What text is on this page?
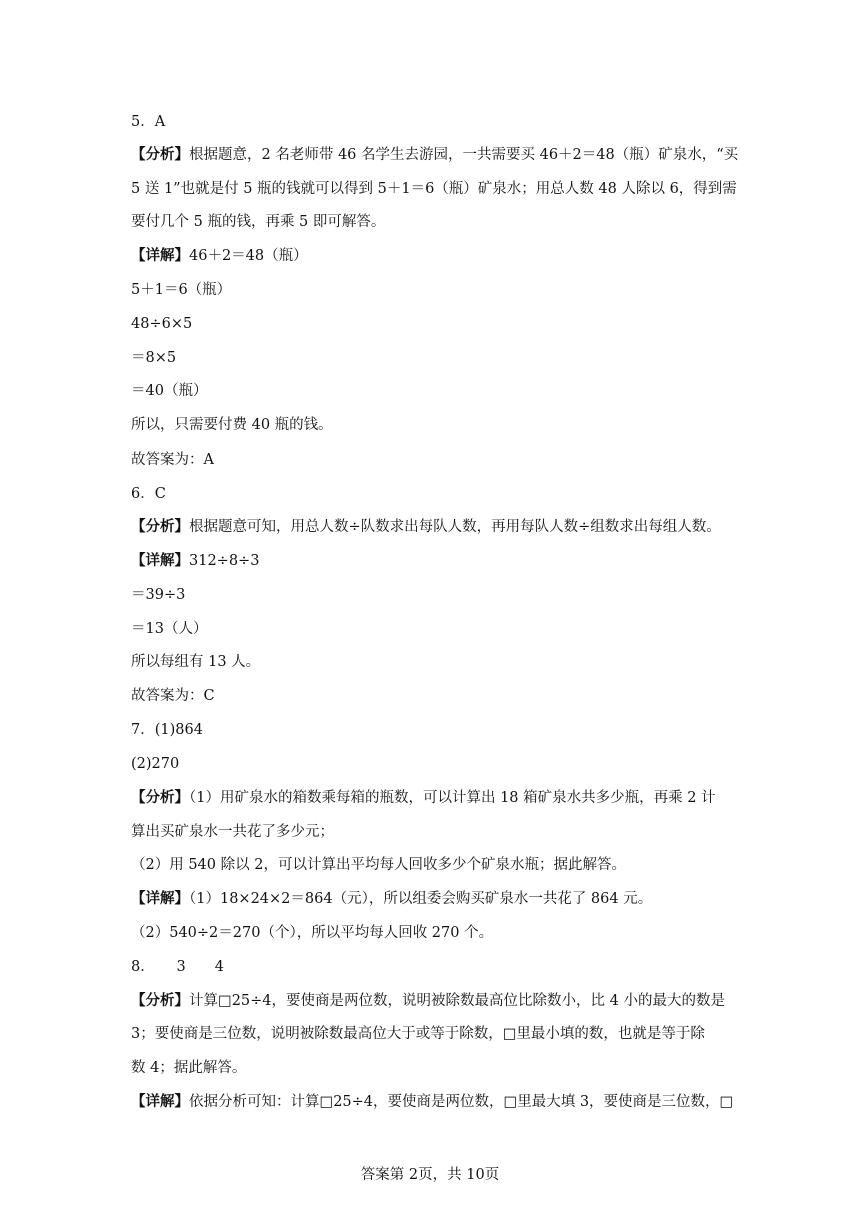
5．A
【分析】根据题意，2 名老师带 46 名学生去游园，一共需要买 46＋2＝48（瓶）矿泉水，“买
5 送 1”也就是付 5 瓶的钱就可以得到 5＋1＝6（瓶）矿泉水；用总人数 48 人除以 6，得到需
要付几个 5 瓶的钱，再乘 5 即可解答。
【详解】46＋2＝48（瓶）
5＋1＝6（瓶）
48÷6×5
＝8×5
＝40（瓶）
所以，只需要付费 40 瓶的钱。
故答案为：A
6．C
【分析】根据题意可知，用总人数÷队数求出每队人数，再用每队人数÷组数求出每组人数。
【详解】312÷8÷3
＝39÷3
＝13（人）
所以每组有 13 人。
故答案为：C
7．(1)864
(2)270
【分析】（1）用矿泉水的箱数乘每箱的瓶数，可以计算出 18 箱矿泉水共多少瓶，再乘 2 计
算出买矿泉水一共花了多少元；
（2）用 540 除以 2，可以计算出平均每人回收多少个矿泉水瓶；据此解答。
【详解】（1）18×24×2＝864（元），所以组委会购买矿泉水一共花了 864 元。
（2）540÷2＝270（个），所以平均每人回收 270 个。
8．　　3　　4
【分析】计算□25÷4，要使商是两位数，说明被除数最高位比除数小，比 4 小的最大的数是
3；要使商是三位数，说明被除数最高位大于或等于除数，□里最小填的数，也就是等于除
数 4；据此解答。
【详解】依据分析可知：计算□25÷4，要使商是两位数，□里最大填 3，要使商是三位数，□
答案第 2页，共 10页
